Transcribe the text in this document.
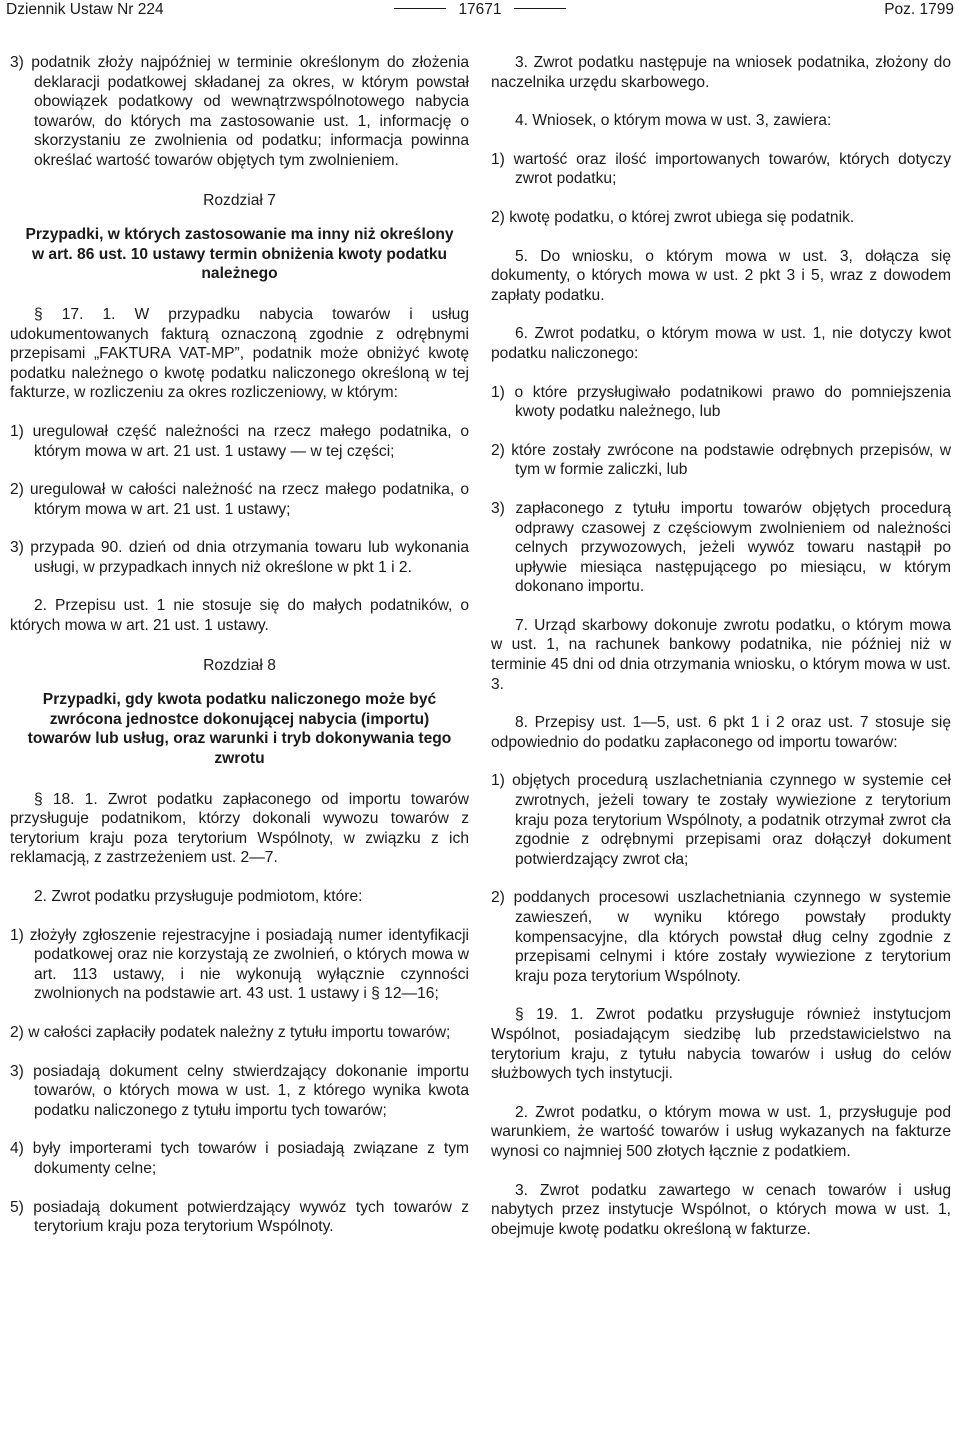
Dziennik Ustaw Nr 224	17671	Poz. 1799

3) podatnik złoży najpóźniej w terminie określonym do złożenia deklaracji podatkowej składanej za okres, w którym powstał obowiązek podatkowy od wewnątrzwspólnotowego nabycia towarów, do których ma zastosowanie ust. 1, informację o skorzystaniu ze zwolnienia od podatku; informacja powinna określać wartość towarów objętych tym zwolnieniem.

Rozdział 7

Przypadki, w których zastosowanie ma inny niż określony w art. 86 ust. 10 ustawy termin obniżenia kwoty podatku należnego

§ 17. 1. W przypadku nabycia towarów i usług udokumentowanych fakturą oznaczoną zgodnie z odrębnymi przepisami „FAKTURA VAT-MP”, podatnik może obniżyć kwotę podatku należnego o kwotę podatku naliczonego określoną w tej fakturze, w rozliczeniu za okres rozliczeniowy, w którym:

1) uregulował część należności na rzecz małego podatnika, o którym mowa w art. 21 ust. 1 ustawy — w tej części;

2) uregulował w całości należność na rzecz małego podatnika, o którym mowa w art. 21 ust. 1 ustawy;

3) przypada 90. dzień od dnia otrzymania towaru lub wykonania usługi, w przypadkach innych niż określone w pkt 1 i 2.

2. Przepisu ust. 1 nie stosuje się do małych podatników, o których mowa w art. 21 ust. 1 ustawy.

Rozdział 8

Przypadki, gdy kwota podatku naliczonego może być zwrócona jednostce dokonującej nabycia (importu) towarów lub usług, oraz warunki i tryb dokonywania tego zwrotu

§ 18. 1. Zwrot podatku zapłaconego od importu towarów przysługuje podatnikom, którzy dokonali wywozu towarów z terytorium kraju poza terytorium Wspólnoty, w związku z ich reklamacją, z zastrzeżeniem ust. 2—7.

2. Zwrot podatku przysługuje podmiotom, które:

1) złożyły zgłoszenie rejestracyjne i posiadają numer identyfikacji podatkowej oraz nie korzystają ze zwolnień, o których mowa w art. 113 ustawy, i nie wykonują wyłącznie czynności zwolnionych na podstawie art. 43 ust. 1 ustawy i § 12—16;

2) w całości zapłaciły podatek należny z tytułu importu towarów;

3) posiadają dokument celny stwierdzający dokonanie importu towarów, o których mowa w ust. 1, z którego wynika kwota podatku naliczonego z tytułu importu tych towarów;

4) były importerami tych towarów i posiadają związane z tym dokumenty celne;

5) posiadają dokument potwierdzający wywóz tych towarów z terytorium kraju poza terytorium Wspólnoty.

3. Zwrot podatku następuje na wniosek podatnika, złożony do naczelnika urzędu skarbowego.

4. Wniosek, o którym mowa w ust. 3, zawiera:

1) wartość oraz ilość importowanych towarów, których dotyczy zwrot podatku;

2) kwotę podatku, o której zwrot ubiega się podatnik.

5. Do wniosku, o którym mowa w ust. 3, dołącza się dokumenty, o których mowa w ust. 2 pkt 3 i 5, wraz z dowodem zapłaty podatku.

6. Zwrot podatku, o którym mowa w ust. 1, nie dotyczy kwot podatku naliczonego:

1) o które przysługiwało podatnikowi prawo do pomniejszenia kwoty podatku należnego, lub

2) które zostały zwrócone na podstawie odrębnych przepisów, w tym w formie zaliczki, lub

3) zapłaconego z tytułu importu towarów objętych procedurą odprawy czasowej z częściowym zwolnieniem od należności celnych przywozowych, jeżeli wywóz towaru nastąpił po upływie miesiąca następującego po miesiącu, w którym dokonano importu.

7. Urząd skarbowy dokonuje zwrotu podatku, o którym mowa w ust. 1, na rachunek bankowy podatnika, nie później niż w terminie 45 dni od dnia otrzymania wniosku, o którym mowa w ust. 3.

8. Przepisy ust. 1—5, ust. 6 pkt 1 i 2 oraz ust. 7 stosuje się odpowiednio do podatku zapłaconego od importu towarów:

1) objętych procedurą uszlachetniania czynnego w systemie ceł zwrotnych, jeżeli towary te zostały wywiezione z terytorium kraju poza terytorium Wspólnoty, a podatnik otrzymał zwrot cła zgodnie z odrębnymi przepisami oraz dołączył dokument potwierdzający zwrot cła;

2) poddanych procesowi uszlachetniania czynnego w systemie zawieszeń, w wyniku którego powstały produkty kompensacyjne, dla których powstał dług celny zgodnie z przepisami celnymi i które zostały wywiezione z terytorium kraju poza terytorium Wspólnoty.

§ 19. 1. Zwrot podatku przysługuje również instytucjom Wspólnot, posiadającym siedzibę lub przedstawicielstwo na terytorium kraju, z tytułu nabycia towarów i usług do celów służbowych tych instytucji.

2. Zwrot podatku, o którym mowa w ust. 1, przysługuje pod warunkiem, że wartość towarów i usług wykazanych na fakturze wynosi co najmniej 500 złotych łącznie z podatkiem.

3. Zwrot podatku zawartego w cenach towarów i usług nabytych przez instytucje Wspólnot, o których mowa w ust. 1, obejmuje kwotę podatku określoną w fakturze.
